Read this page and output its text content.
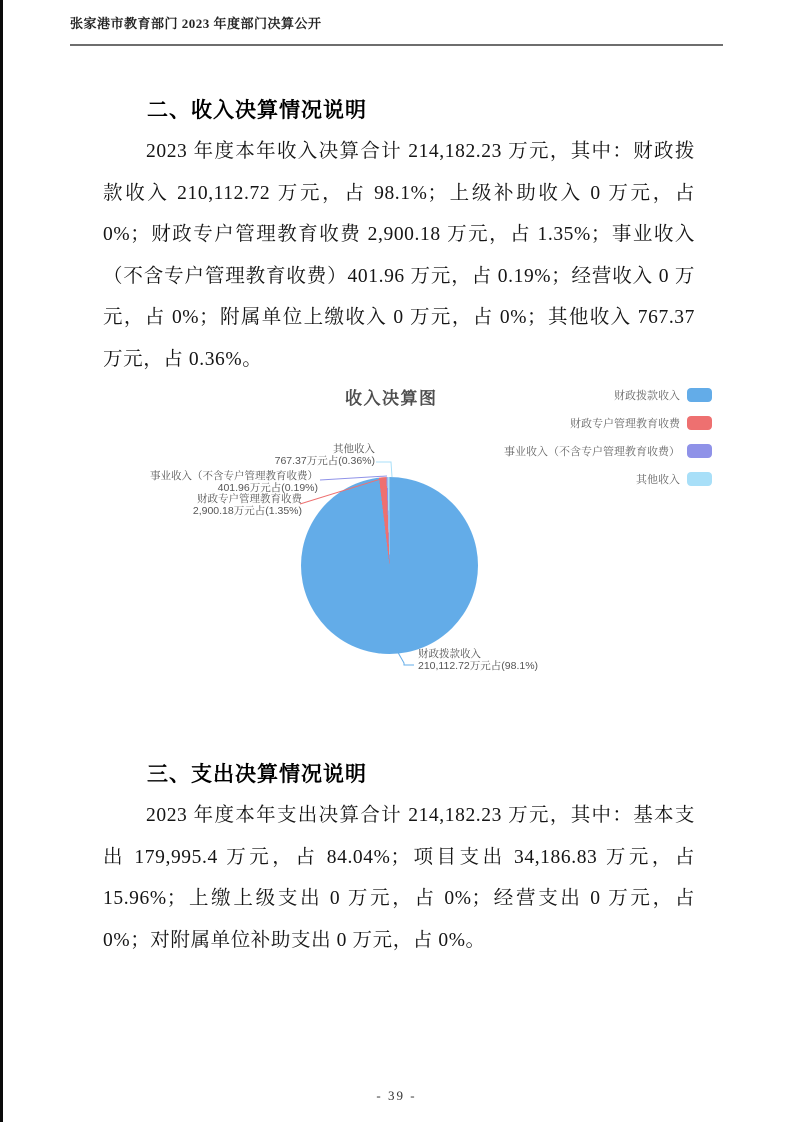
张家港市教育部门 2023 年度部门决算公开
二、收入决算情况说明
2023 年度本年收入决算合计 214,182.23 万元，其中：财政拨款收入 210,112.72 万元，占 98.1%；上级补助收入 0 万元，占 0%；财政专户管理教育收费 2,900.18 万元，占 1.35%；事业收入（不含专户管理教育收费）401.96 万元，占 0.19%；经营收入 0 万元，占 0%；附属单位上缴收入 0 万元，占 0%；其他收入 767.37 万元，占 0.36%。
收入决算图	财政拨款收入
财政专户管理教育收费
事业收入（不含专户管理教育收费）
其他收入
其他收入
767.37万元占(0.36%)
事业收入（不含专户管理教育收费）
401.96万元占(0.19%)
财政专户管理教育收费
2,900.18万元占(1.35%)
财政拨款收入
210,112.72万元占(98.1%)
三、支出决算情况说明
2023 年度本年支出决算合计 214,182.23 万元，其中：基本支出 179,995.4 万元，占 84.04%；项目支出 34,186.83 万元，占 15.96%；上缴上级支出 0 万元，占 0%；经营支出 0 万元，占 0%；对附属单位补助支出 0 万元，占 0%。
- 39 -
